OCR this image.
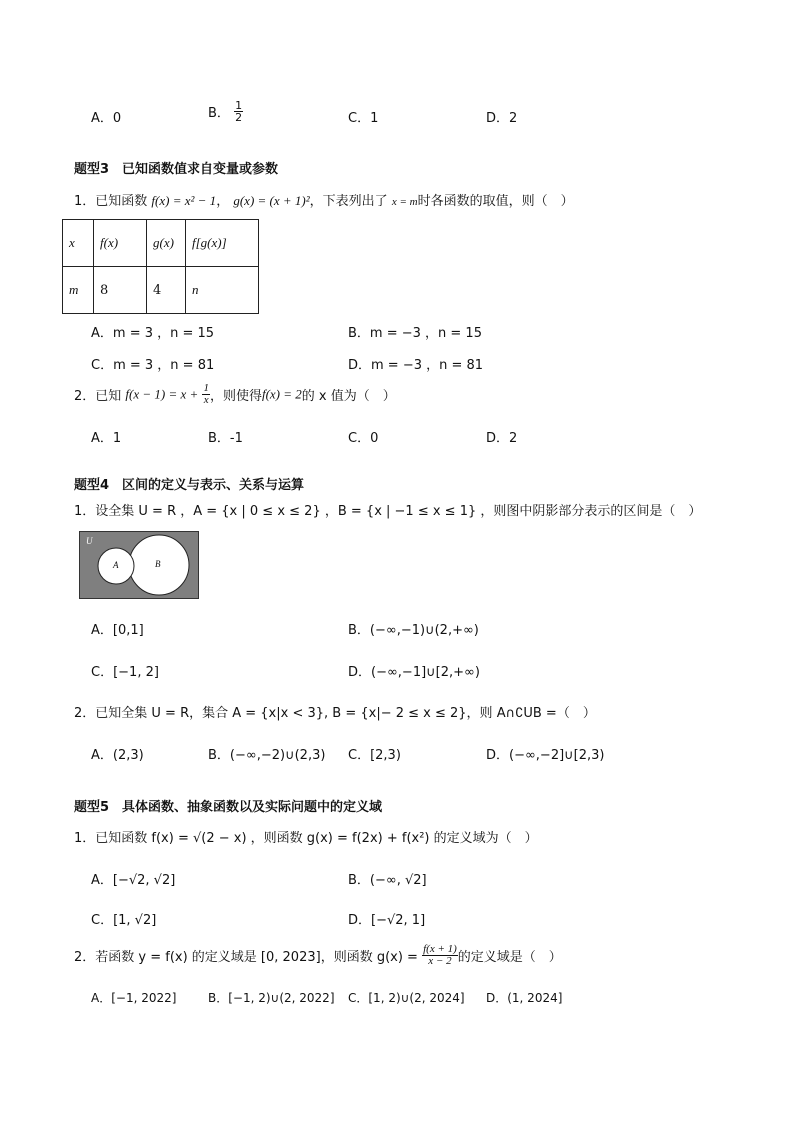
A．0	B． $\frac{1}{2}$	C．1	D．2
题型3　已知函数值求自变量或参数
1．已知函数 f(x) = x² − 1， g(x) = (x + 1)²，下表列出了 x = m时各函数的取值，则（　）
x	f(x)	g(x)	f[g(x)]
m	8	4	n
A．m = 3 ，n = 15	B．m = −3 ，n = 15
C．m = 3 ，n = 81	D．m = −3 ，n = 81
2．已知 $f(x - 1) = x + \frac{1}{x}$ ，则使得f(x) = 2的 x 值为（　）
A．1	B．-1	C．0	D．2
题型4　区间的定义与表示、关系与运算
1．设全集 U = R ，A = {x | 0 ≤ x ≤ 2} ，B = {x | −1 ≤ x ≤ 1} ，则图中阴影部分表示的区间是（　）
U
A	B
A．[0,1]	B．(−∞,−1)∪(2,+∞)
C．[−1, 2]	D．(−∞,−1]∪[2,+∞)
2．已知全集 U = R，集合 A = {x|x < 3}, B = {x|− 2 ≤ x ≤ 2}，则 A∩∁UB =（　）
A．(2,3)	B．(−∞,−2)∪(2,3) C．[2,3)	D．(−∞,−2]∪[2,3)
题型5　具体函数、抽象函数以及实际问题中的定义域
1．已知函数 f(x) = √(2 − x) ，则函数 g(x) = f(2x) + f(x²) 的定义域为（　）
A．[−√2, √2]	B．(−∞, √2]
C．[1, √2]	D．[−√2, 1]
2．若函数 y = f(x) 的定义域是 [0, 2023]，则函数 $g(x) = \frac{f(x + 1)}{x - 2}$ 的定义域是（　）
A．[−1, 2022]	B．[−1, 2)∪(2, 2022] C．[1, 2)∪(2, 2024] D．(1, 2024]
